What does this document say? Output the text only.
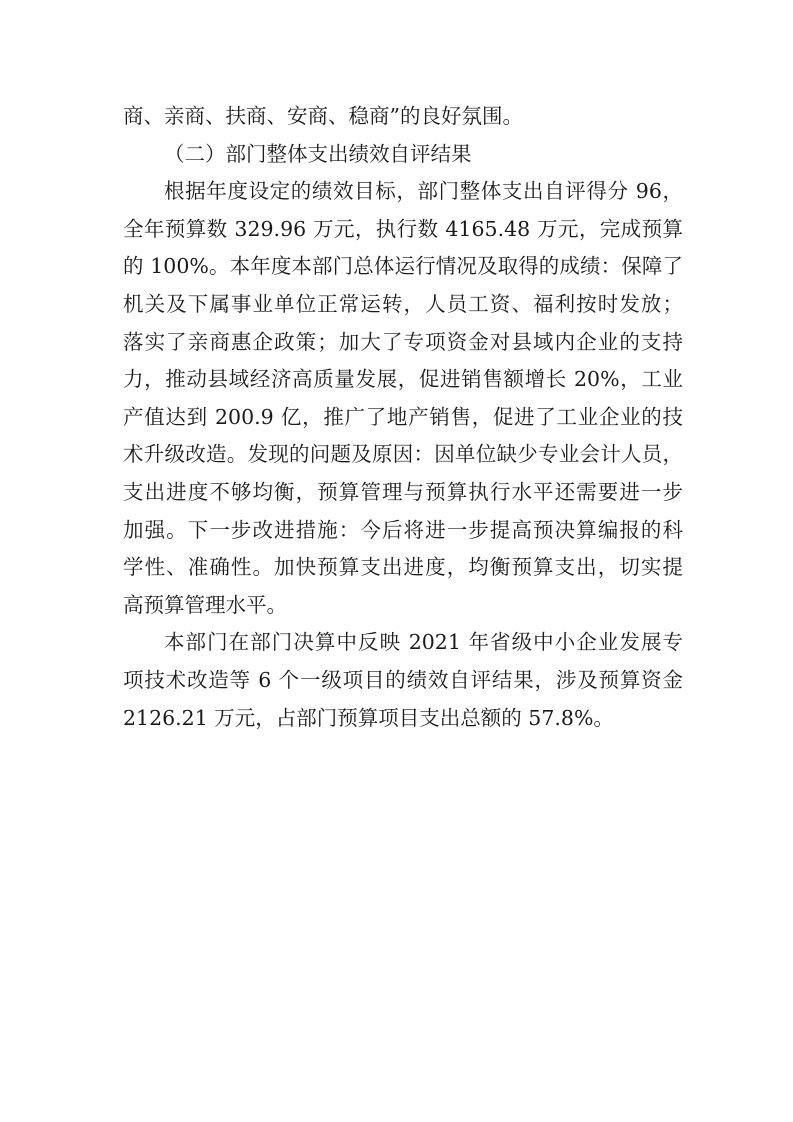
商、亲商、扶商、安商、稳商”的良好氛围。
（二）部门整体支出绩效自评结果
根据年度设定的绩效目标，部门整体支出自评得分 96，
全年预算数 329.96 万元，执行数 4165.48 万元，完成预算
的 100%。本年度本部门总体运行情况及取得的成绩：保障了
机关及下属事业单位正常运转，人员工资、福利按时发放；
落实了亲商惠企政策；加大了专项资金对县域内企业的支持
力，推动县域经济高质量发展，促进销售额增长 20%，工业
产值达到 200.9 亿，推广了地产销售，促进了工业企业的技
术升级改造。发现的问题及原因：因单位缺少专业会计人员，
支出进度不够均衡，预算管理与预算执行水平还需要进一步
加强。下一步改进措施：今后将进一步提高预决算编报的科
学性、准确性。加快预算支出进度，均衡预算支出，切实提
高预算管理水平。
本部门在部门决算中反映 2021 年省级中小企业发展专
项技术改造等 6 个一级项目的绩效自评结果，涉及预算资金
2126.21 万元，占部门预算项目支出总额的 57.8%。
